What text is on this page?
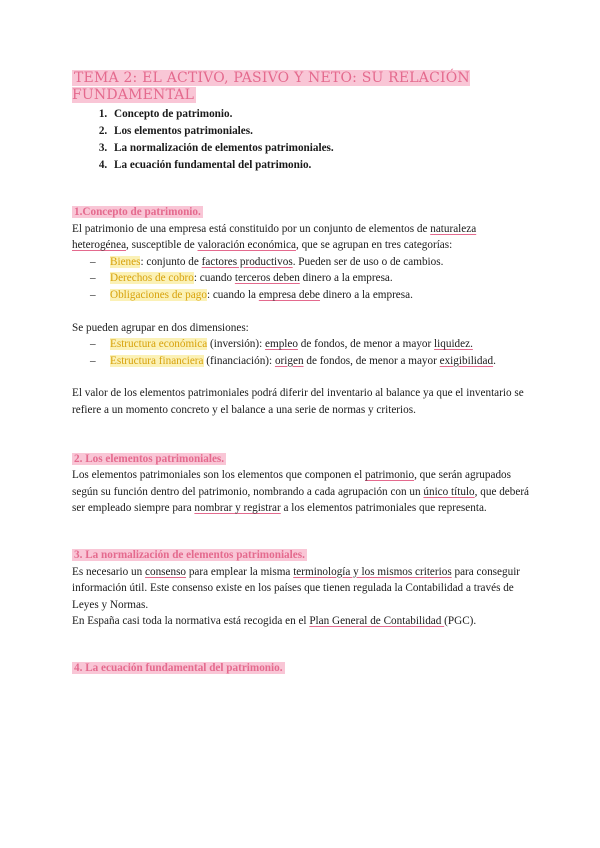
TEMA 2: EL ACTIVO, PASIVO Y NETO: SU RELACIÓN FUNDAMENTAL
1. Concepto de patrimonio.
2. Los elementos patrimoniales.
3. La normalización de elementos patrimoniales.
4. La ecuación fundamental del patrimonio.
1.Concepto de patrimonio.

El patrimonio de una empresa está constituido por un conjunto de elementos de naturaleza heterogénea, susceptible de valoración económica, que se agrupan en tres categorías:

– Bienes: conjunto de factores productivos. Pueden ser de uso o de cambios.
– Derechos de cobro: cuando terceros deben dinero a la empresa.
– Obligaciones de pago: cuando la empresa debe dinero a la empresa.

Se pueden agrupar en dos dimensiones:

– Estructura económica (inversión): empleo de fondos, de menor a mayor liquidez.
– Estructura financiera (financiación): origen de fondos, de menor a mayor exigibilidad.

El valor de los elementos patrimoniales podrá diferir del inventario al balance ya que el inventario se refiere a un momento concreto y el balance a una serie de normas y criterios.

2. Los elementos patrimoniales.

Los elementos patrimoniales son los elementos que componen el patrimonio, que serán agrupados según su función dentro del patrimonio, nombrando a cada agrupación con un único título, que deberá ser empleado siempre para nombrar y registrar a los elementos patrimoniales que representa.

3. La normalización de elementos patrimoniales.

Es necesario un consenso para emplear la misma terminología y los mismos criterios para conseguir información útil. Este consenso existe en los países que tienen regulada la Contabilidad a través de Leyes y Normas.

En España casi toda la normativa está recogida en el Plan General de Contabilidad (PGC).

4. La ecuación fundamental del patrimonio.
